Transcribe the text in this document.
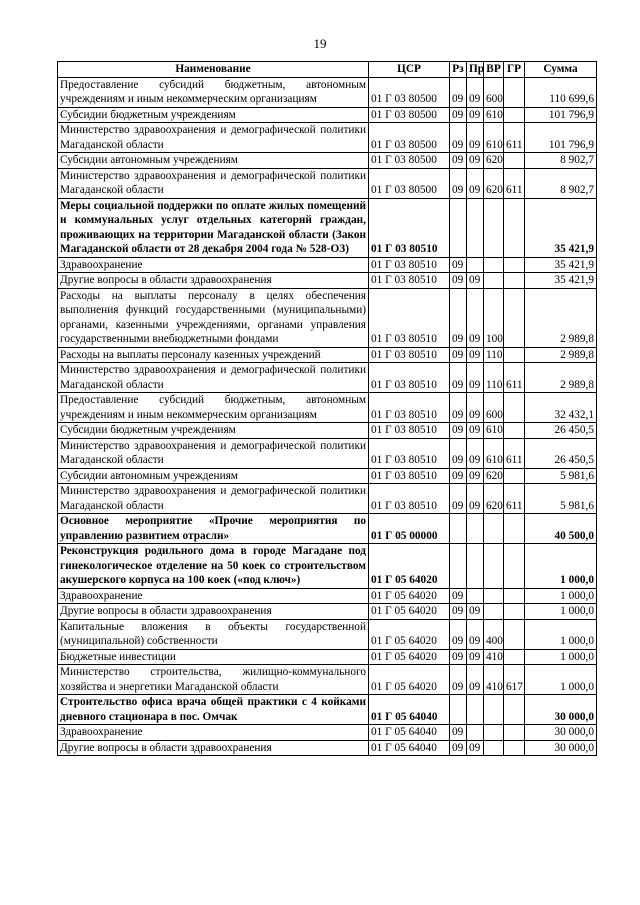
19
Наименование	ЦСР	Рз	Пр	ВР	ГР	Сумма
Предоставление субсидий бюджетным, автономным учреждениям и иным некоммерческим организациям	01 Г 03 80500	09	09	600		110 699,6
Субсидии бюджетным учреждениям	01 Г 03 80500	09	09	610		101 796,9
Министерство здравоохранения и демографической политики Магаданской области	01 Г 03 80500	09	09	610	611	101 796,9
Субсидии автономным учреждениям	01 Г 03 80500	09	09	620		8 902,7
Министерство здравоохранения и демографической политики Магаданской области	01 Г 03 80500	09	09	620	611	8 902,7
Меры социальной поддержки по оплате жилых помещений и коммунальных услуг отдельных категорий граждан, проживающих на территории Магаданской области (Закон Магаданской области от 28 декабря 2004 года № 528-ОЗ)	01 Г 03 80510					35 421,9
Здравоохранение	01 Г 03 80510	09				35 421,9
Другие вопросы в области здравоохранения	01 Г 03 80510	09	09			35 421,9
Расходы на выплаты персоналу в целях обеспечения выполнения функций государственными (муниципальными) органами, казенными учреждениями, органами управления государственными внебюджетными фондами	01 Г 03 80510	09	09	100		2 989,8
Расходы на выплаты персоналу казенных учреждений	01 Г 03 80510	09	09	110		2 989,8
Министерство здравоохранения и демографической политики Магаданской области	01 Г 03 80510	09	09	110	611	2 989,8
Предоставление субсидий бюджетным, автономным учреждениям и иным некоммерческим организациям	01 Г 03 80510	09	09	600		32 432,1
Субсидии бюджетным учреждениям	01 Г 03 80510	09	09	610		26 450,5
Министерство здравоохранения и демографической политики Магаданской области	01 Г 03 80510	09	09	610	611	26 450,5
Субсидии автономным учреждениям	01 Г 03 80510	09	09	620		5 981,6
Министерство здравоохранения и демографической политики Магаданской области	01 Г 03 80510	09	09	620	611	5 981,6
Основное мероприятие «Прочие мероприятия по управлению развитием отрасли»	01 Г 05 00000					40 500,0
Реконструкция родильного дома в городе Магадане под гинекологическое отделение на 50 коек со строительством акушерского корпуса на 100 коек («под ключ»)	01 Г 05 64020					1 000,0
Здравоохранение	01 Г 05 64020	09				1 000,0
Другие вопросы в области здравоохранения	01 Г 05 64020	09	09			1 000,0
Капитальные вложения в объекты государственной (муниципальной) собственности	01 Г 05 64020	09	09	400		1 000,0
Бюджетные инвестиции	01 Г 05 64020	09	09	410		1 000,0
Министерство строительства, жилищно-коммунального хозяйства и энергетики Магаданской области	01 Г 05 64020	09	09	410	617	1 000,0
Строительство офиса врача общей практики с 4 койками дневного стационара в пос. Омчак	01 Г 05 64040					30 000,0
Здравоохранение	01 Г 05 64040	09				30 000,0
Другие вопросы в области здравоохранения	01 Г 05 64040	09	09			30 000,0
